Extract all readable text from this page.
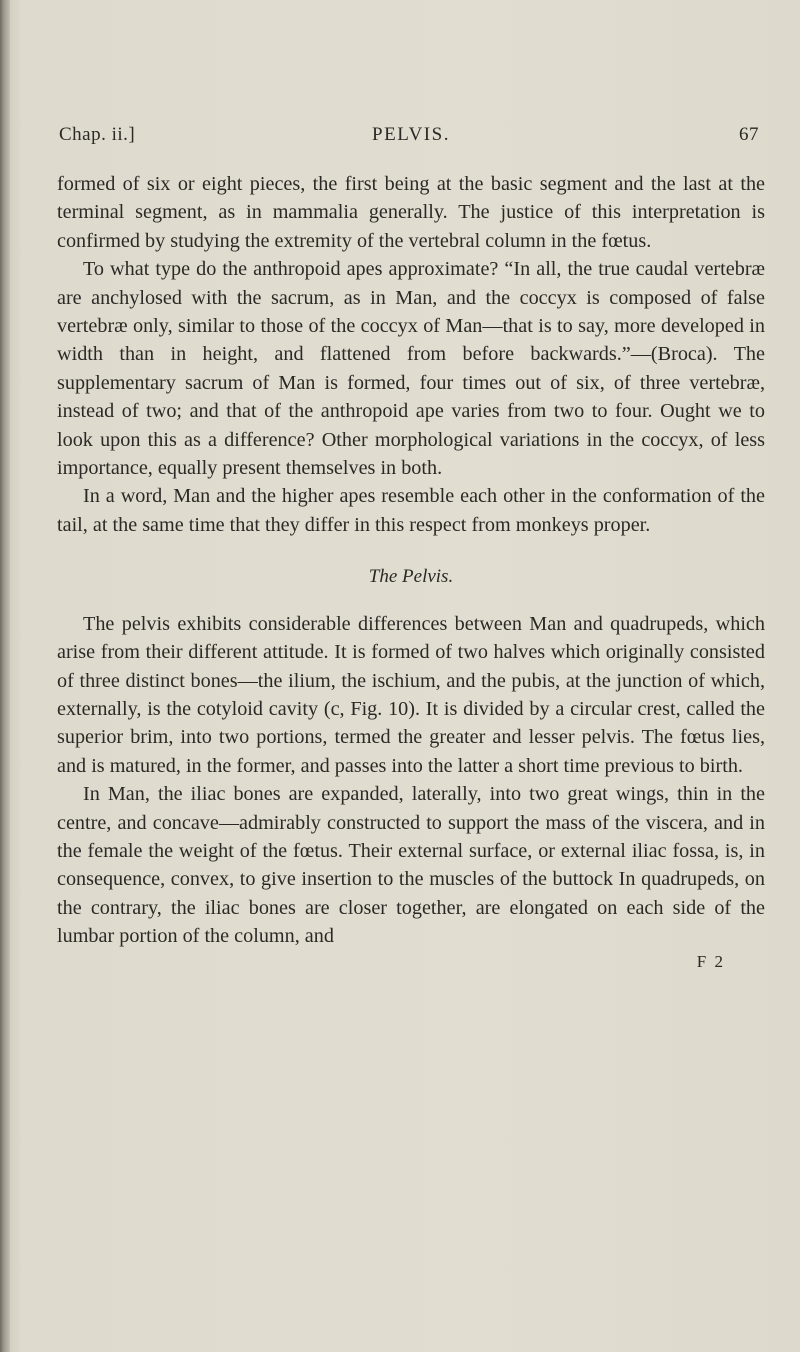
Chap. ii.]	PELVIS.	67

formed of six or eight pieces, the first being at the basic segment and the last at the terminal segment, as in mammalia generally. The justice of this interpretation is confirmed by studying the extremity of the vertebral column in the fœtus.

To what type do the anthropoid apes approximate? “In all, the true caudal vertebræ are anchylosed with the sacrum, as in Man, and the coccyx is composed of false vertebræ only, similar to those of the coccyx of Man—that is to say, more developed in width than in height, and flattened from before backwards.”—(Broca). The supplementary sacrum of Man is formed, four times out of six, of three vertebræ, instead of two; and that of the anthropoid ape varies from two to four. Ought we to look upon this as a difference? Other morphological variations in the coccyx, of less importance, equally present themselves in both.

In a word, Man and the higher apes resemble each other in the conformation of the tail, at the same time that they differ in this respect from monkeys proper.

The Pelvis.

The pelvis exhibits considerable differences between Man and quadrupeds, which arise from their different attitude. It is formed of two halves which originally consisted of three distinct bones—the ilium, the ischium, and the pubis, at the junction of which, externally, is the cotyloid cavity (c, Fig. 10). It is divided by a circular crest, called the superior brim, into two portions, termed the greater and lesser pelvis. The fœtus lies, and is matured, in the former, and passes into the latter a short time previous to birth.

In Man, the iliac bones are expanded, laterally, into two great wings, thin in the centre, and concave—admirably constructed to support the mass of the viscera, and in the female the weight of the fœtus. Their external surface, or external iliac fossa, is, in consequence, convex, to give insertion to the muscles of the buttock In quadrupeds, on the contrary, the iliac bones are closer together, are elongated on each side of the lumbar portion of the column, and

F 2
